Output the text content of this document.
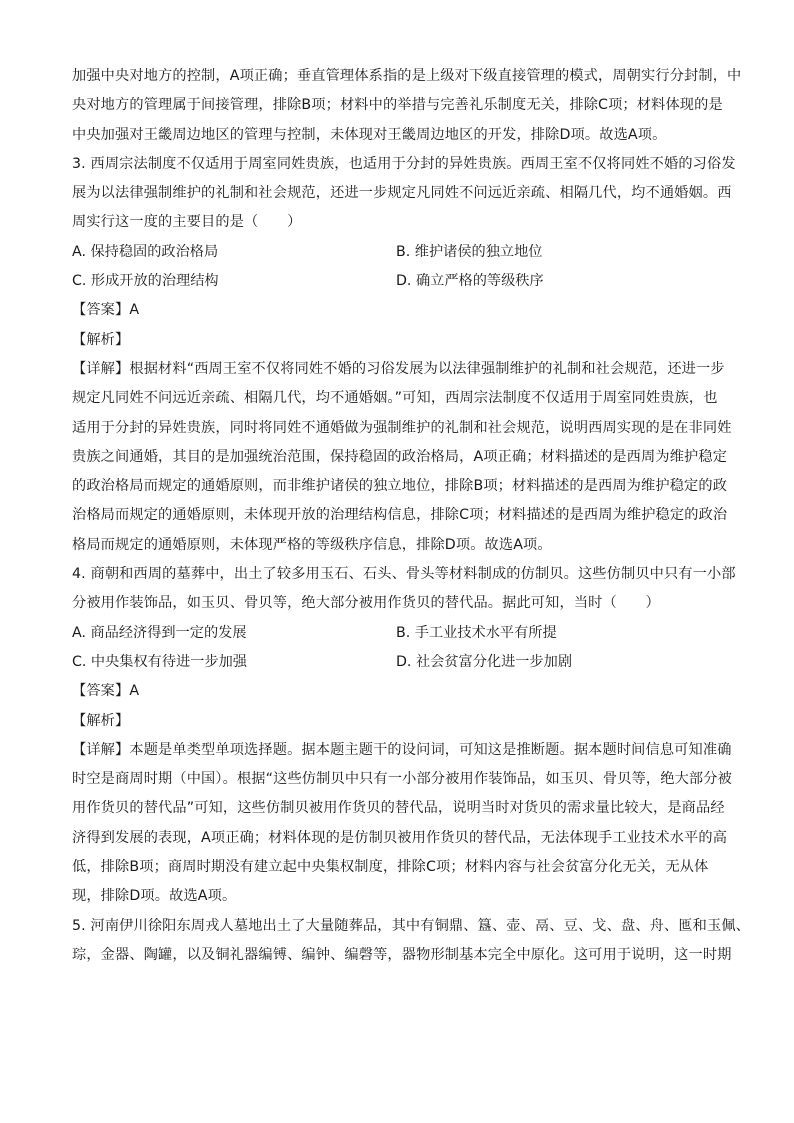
加强中央对地方的控制，A项正确；垂直管理体系指的是上级对下级直接管理的模式，周朝实行分封制，中
央对地方的管理属于间接管理，排除B项；材料中的举措与完善礼乐制度无关，排除C项；材料体现的是
中央加强对王畿周边地区的管理与控制，未体现对王畿周边地区的开发，排除D项。故选A项。
3. 西周宗法制度不仅适用于周室同姓贵族，也适用于分封的异姓贵族。西周王室不仅将同姓不婚的习俗发
展为以法律强制维护的礼制和社会规范，还进一步规定凡同姓不问远近亲疏、相隔几代，均不通婚姻。西
周实行这一度的主要目的是（　　）
A. 保持稳固的政治格局	B. 维护诸侯的独立地位
C. 形成开放的治理结构	D. 确立严格的等级秩序
【答案】A
【解析】
【详解】根据材料“西周王室不仅将同姓不婚的习俗发展为以法律强制维护的礼制和社会规范，还进一步
规定凡同姓不问远近亲疏、相隔几代，均不通婚姻。”可知，西周宗法制度不仅适用于周室同姓贵族，也
适用于分封的异姓贵族，同时将同姓不通婚做为强制维护的礼制和社会规范，说明西周实现的是在非同姓
贵族之间通婚，其目的是加强统治范围，保持稳固的政治格局，A项正确；材料描述的是西周为维护稳定
的政治格局而规定的通婚原则，而非维护诸侯的独立地位，排除B项；材料描述的是西周为维护稳定的政
治格局而规定的通婚原则，未体现开放的治理结构信息，排除C项；材料描述的是西周为维护稳定的政治
格局而规定的通婚原则，未体现严格的等级秩序信息，排除D项。故选A项。
4. 商朝和西周的墓葬中，出土了较多用玉石、石头、骨头等材料制成的仿制贝。这些仿制贝中只有一小部
分被用作装饰品，如玉贝、骨贝等，绝大部分被用作货贝的替代品。据此可知，当时（　　）
A. 商品经济得到一定的发展	B. 手工业技术水平有所提
C. 中央集权有待进一步加强	D. 社会贫富分化进一步加剧
【答案】A
【解析】
【详解】本题是单类型单项选择题。据本题主题干的设问词，可知这是推断题。据本题时间信息可知准确
时空是商周时期（中国）。根据“这些仿制贝中只有一小部分被用作装饰品，如玉贝、骨贝等，绝大部分被
用作货贝的替代品”可知，这些仿制贝被用作货贝的替代品，说明当时对货贝的需求量比较大，是商品经
济得到发展的表现，A项正确；材料体现的是仿制贝被用作货贝的替代品，无法体现手工业技术水平的高
低，排除B项；商周时期没有建立起中央集权制度，排除C项；材料内容与社会贫富分化无关，无从体
现，排除D项。故选A项。
5. 河南伊川徐阳东周戎人墓地出土了大量随葬品，其中有铜鼎、簋、壶、鬲、豆、戈、盘、舟、匜和玉佩、
琮，金器、陶罐，以及铜礼器编镈、编钟、编磬等，器物形制基本完全中原化。这可用于说明，这一时期
